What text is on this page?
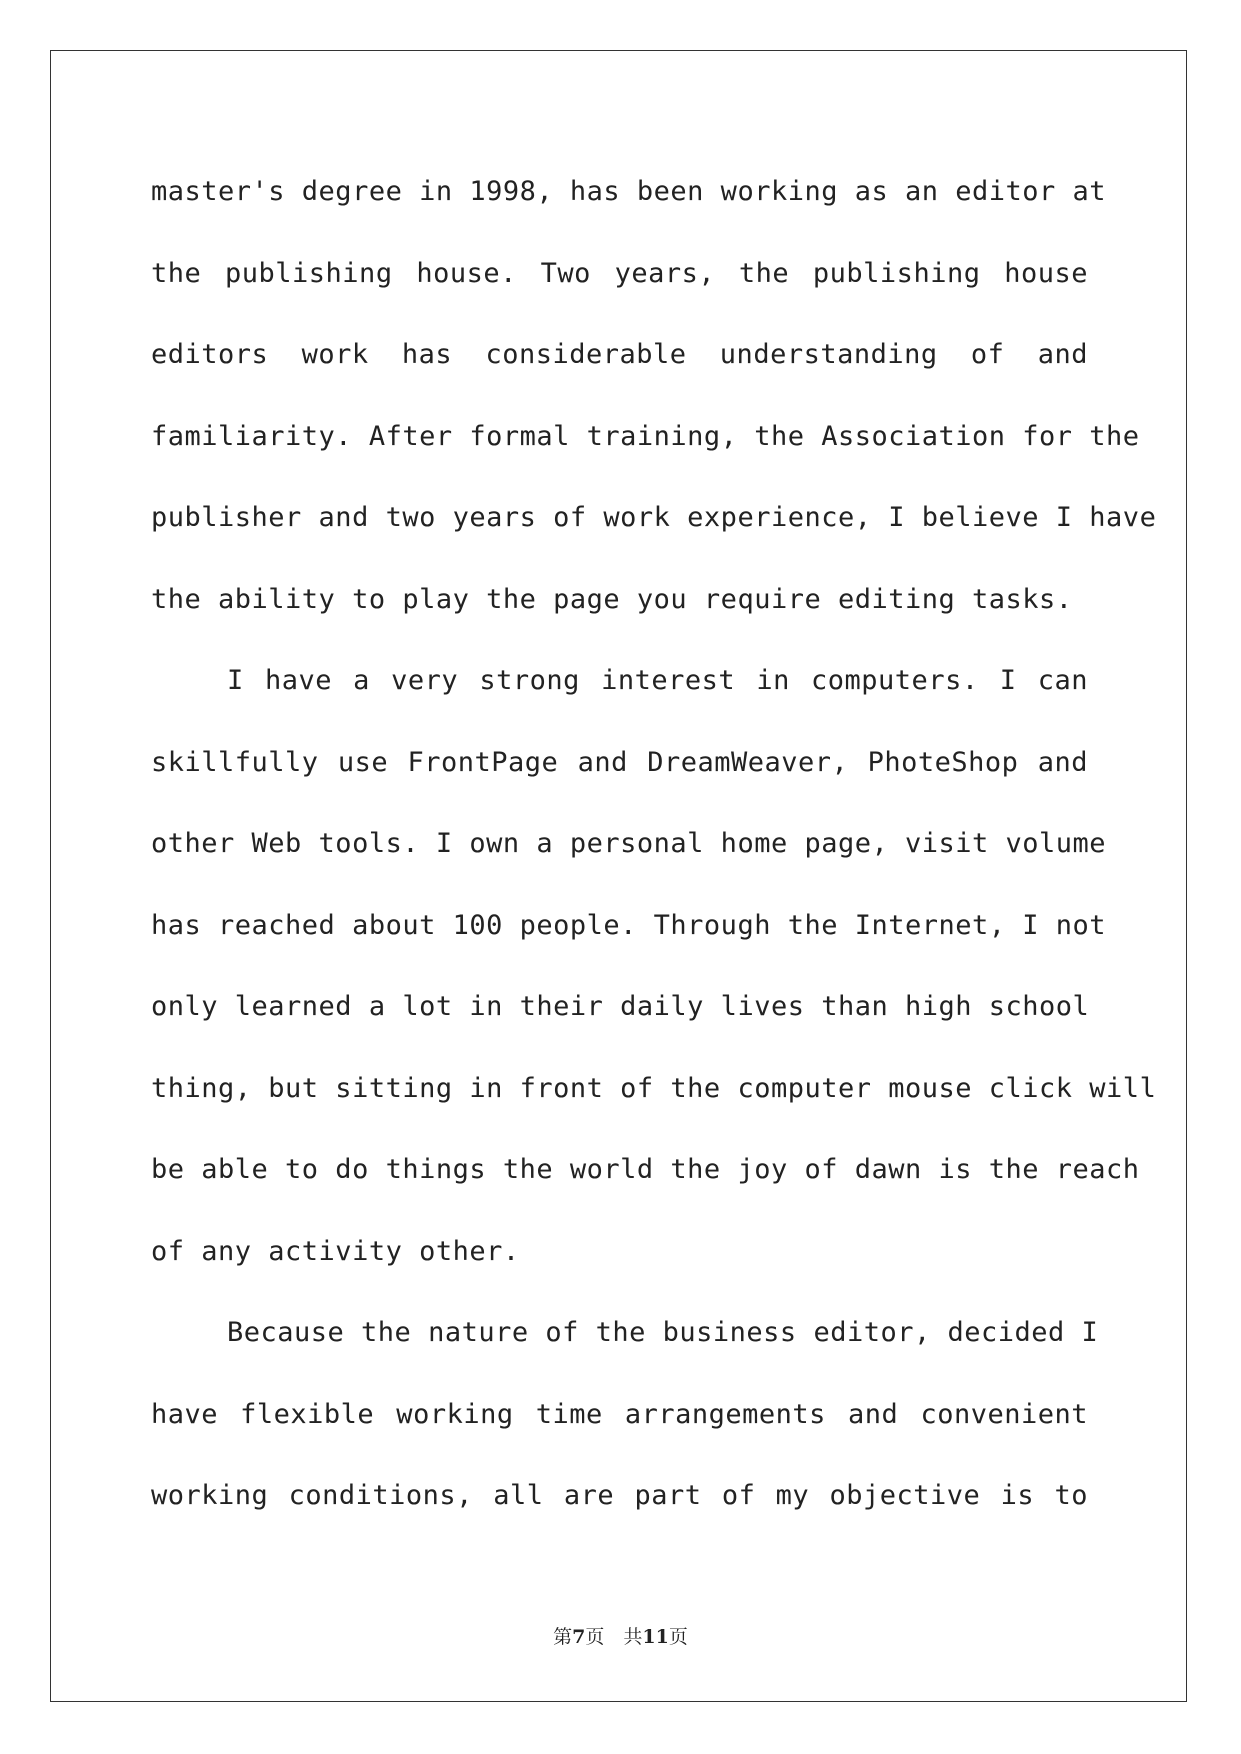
master's degree in 1998, has been working as an editor at
the publishing house. Two years, the publishing house
editors work has considerable understanding of and
familiarity. After formal training, the Association for the
publisher and two years of work experience, I believe I have
the ability to play the page you require editing tasks.
I have a very strong interest in computers. I can
skillfully use FrontPage and DreamWeaver, PhoteShop and
other Web tools. I own a personal home page, visit volume
has reached about 100 people. Through the Internet, I not
only learned a lot in their daily lives than high school
thing, but sitting in front of the computer mouse click will
be able to do things the world the joy of dawn is the reach
of any activity other.
Because the nature of the business editor, decided I
have flexible working time arrangements and convenient
working conditions, all are part of my objective is to
第7页　共11页
